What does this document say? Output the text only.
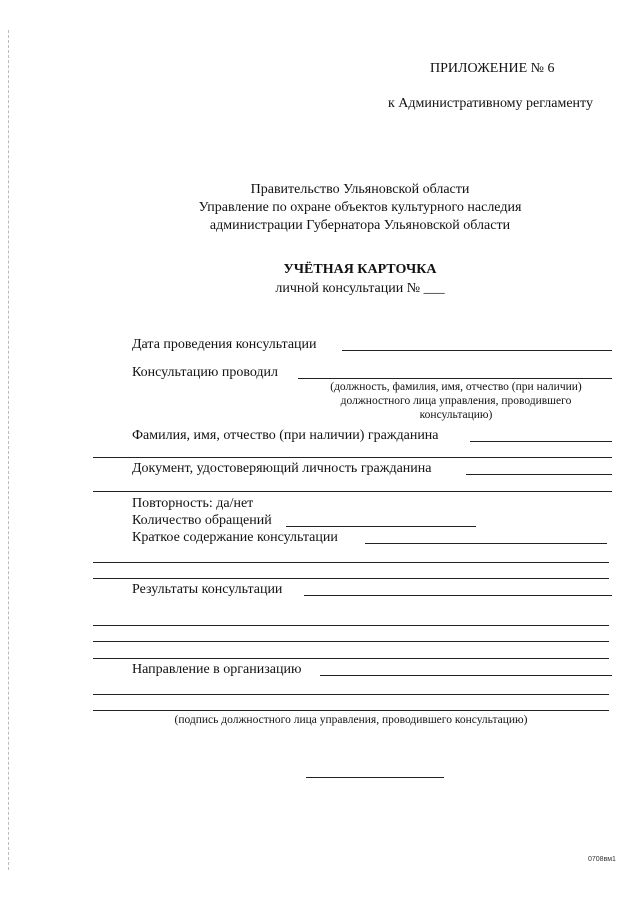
ПРИЛОЖЕНИЕ № 6
к Административному регламенту
Правительство Ульяновской области
Управление по охране объектов культурного наследия
администрации Губернатора Ульяновской области
УЧЁТНАЯ КАРТОЧКА
личной консультации № ___
Дата проведения консультации
Консультацию проводил
(должность, фамилия, имя, отчество (при наличии)
должностного лица управления, проводившего
консультацию)
Фамилия, имя, отчество (при наличии) гражданина
Документ, удостоверяющий личность гражданина
Повторность: да/нет
Количество обращений
Краткое содержание консультации
Результаты консультации
Направление в организацию
(подпись должностного лица управления, проводившего консультацию)
0708вм1
